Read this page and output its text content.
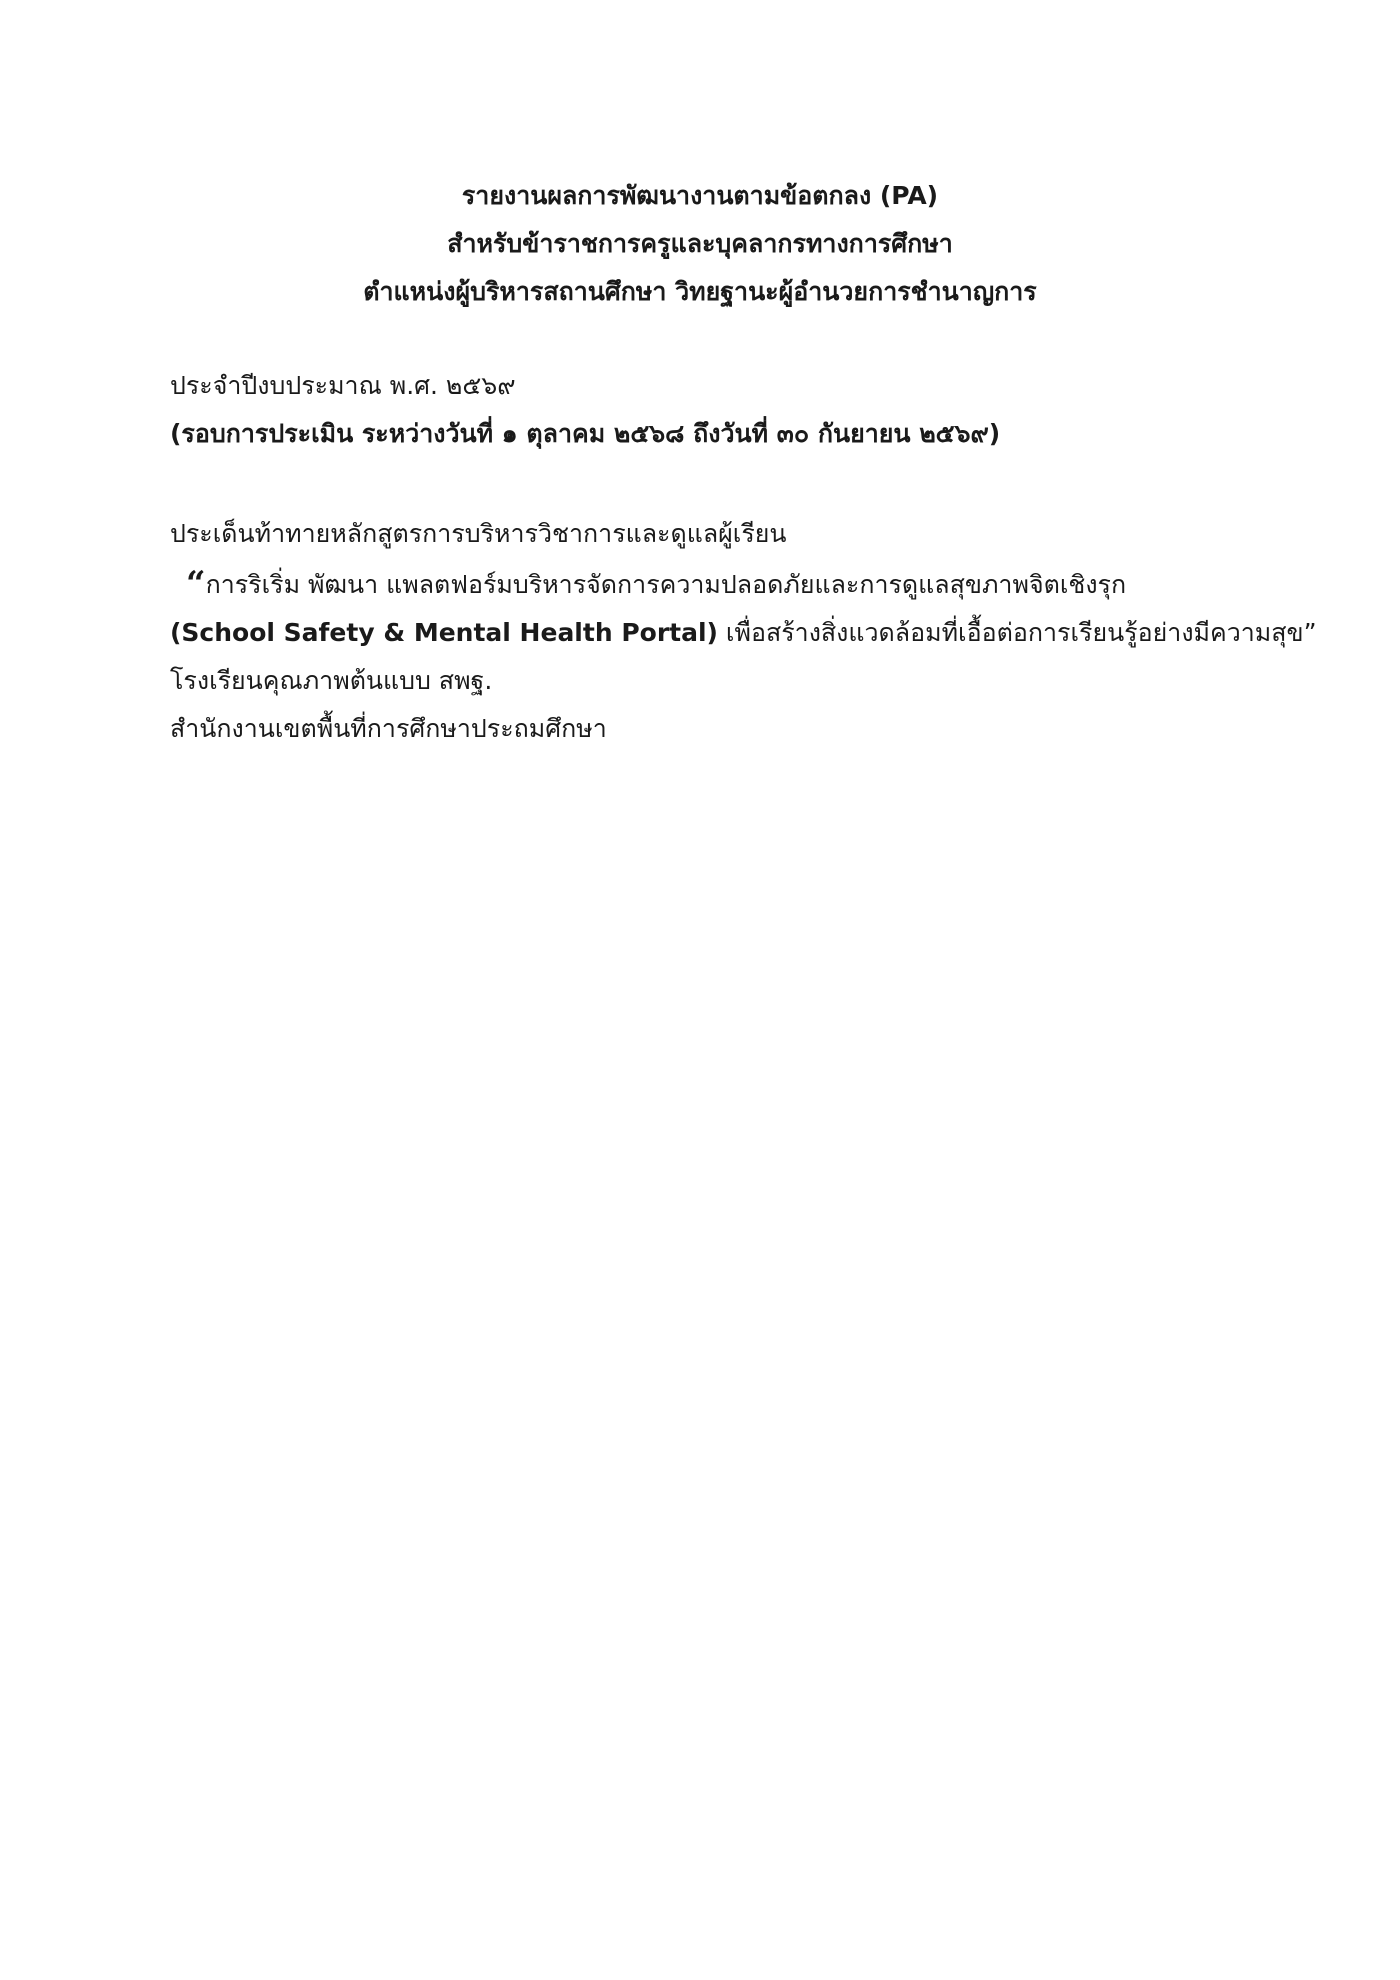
รายงานผลการพัฒนางานตามข้อตกลง (PA)
สำหรับข้าราชการครูและบุคลากรทางการศึกษา
ตำแหน่งผู้บริหารสถานศึกษา วิทยฐานะผู้อำนวยการชำนาญการ
ประจำปีงบประมาณ พ.ศ. ๒๕๖๙
(รอบการประเมิน ระหว่างวันที่ ๑ ตุลาคม ๒๕๖๘ ถึงวันที่ ๓๐ กันยายน ๒๕๖๙)
ประเด็นท้าทายหลักสูตรการบริหารวิชาการและดูแลผู้เรียน
“การริเริ่ม พัฒนา แพลตฟอร์มบริหารจัดการความปลอดภัยและการดูแลสุขภาพจิตเชิงรุก
(School Safety & Mental Health Portal) เพื่อสร้างสิ่งแวดล้อมที่เอื้อต่อการเรียนรู้อย่างมีความสุข”
โรงเรียนคุณภาพต้นแบบ สพฐ.
สำนักงานเขตพื้นที่การศึกษาประถมศึกษา
